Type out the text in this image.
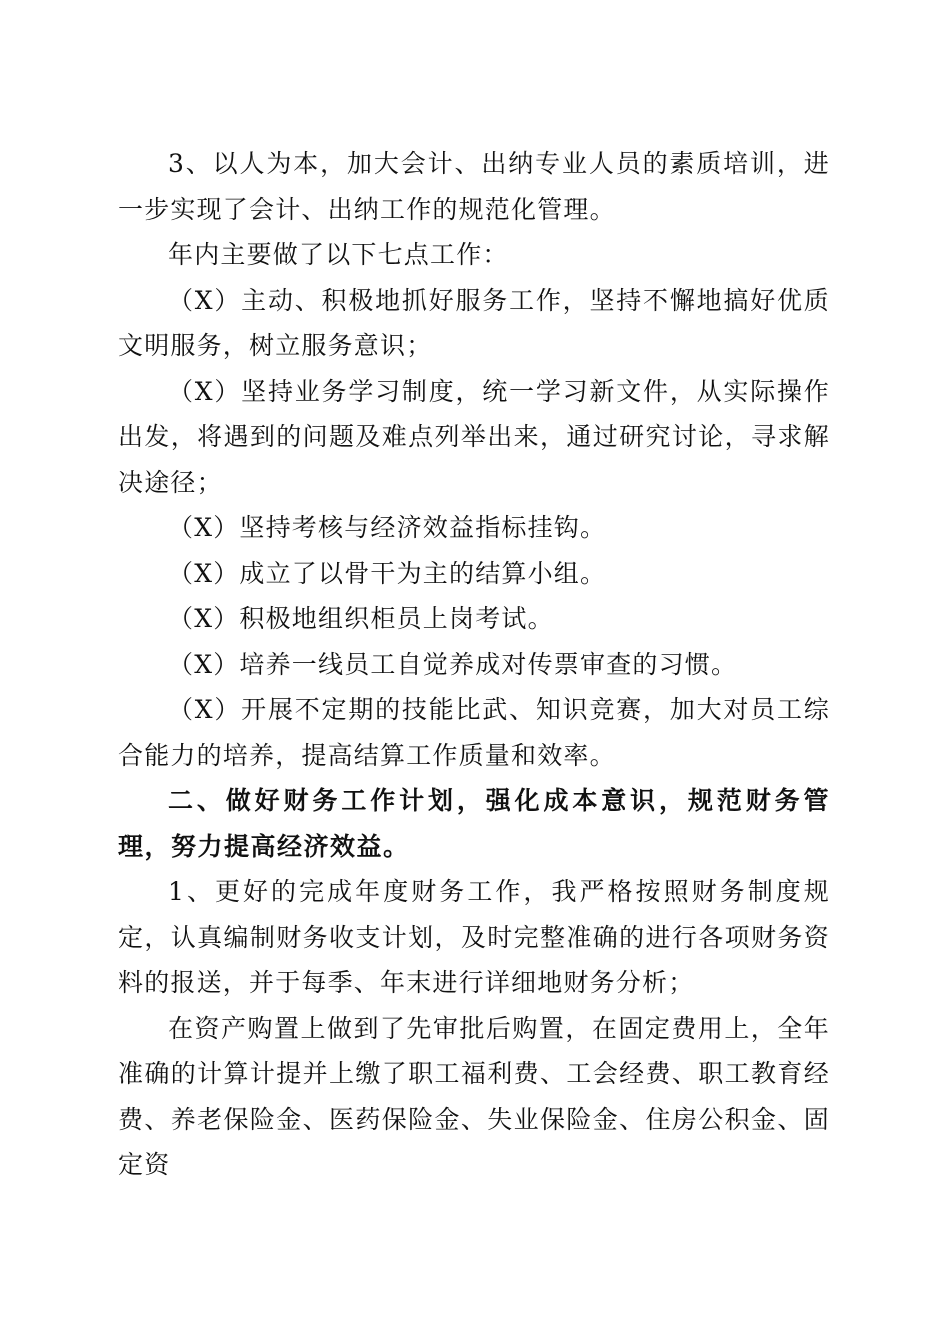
3、以人为本，加大会计、出纳专业人员的素质培训，进一步实现了会计、出纳工作的规范化管理。

年内主要做了以下七点工作：

（X）主动、积极地抓好服务工作，坚持不懈地搞好优质文明服务，树立服务意识；

（X）坚持业务学习制度，统一学习新文件，从实际操作出发，将遇到的问题及难点列举出来，通过研究讨论，寻求解决途径；

（X）坚持考核与经济效益指标挂钩。

（X）成立了以骨干为主的结算小组。

（X）积极地组织柜员上岗考试。

（X）培养一线员工自觉养成对传票审查的习惯。

（X）开展不定期的技能比武、知识竞赛，加大对员工综合能力的培养，提高结算工作质量和效率。

二、做好财务工作计划，强化成本意识，规范财务管理，努力提高经济效益。

1、更好的完成年度财务工作，我严格按照财务制度规定，认真编制财务收支计划，及时完整准确的进行各项财务资料的报送，并于每季、年末进行详细地财务分析；

在资产购置上做到了先审批后购置，在固定费用上，全年准确的计算计提并上缴了职工福利费、工会经费、职工教育经费、养老保险金、医药保险金、失业保险金、住房公积金、固定资
